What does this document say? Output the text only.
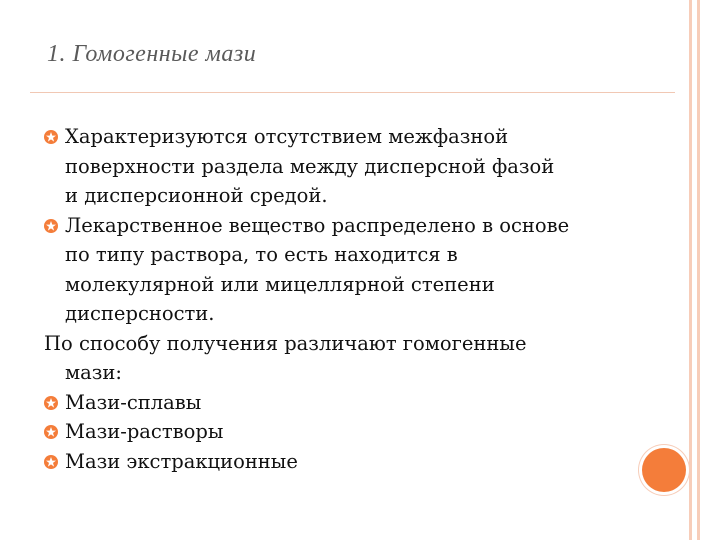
1. Гомогенные мази
Характеризуются отсутствием межфазной
поверхности раздела между дисперсной фазой
и дисперсионной средой.
Лекарственное вещество распределено в основе
по типу раствора, то есть находится в
молекулярной или мицеллярной степени
дисперсности.
По способу получения различают гомогенные
мази:
Мази-сплавы
Мази-растворы
Мази экстракционные
